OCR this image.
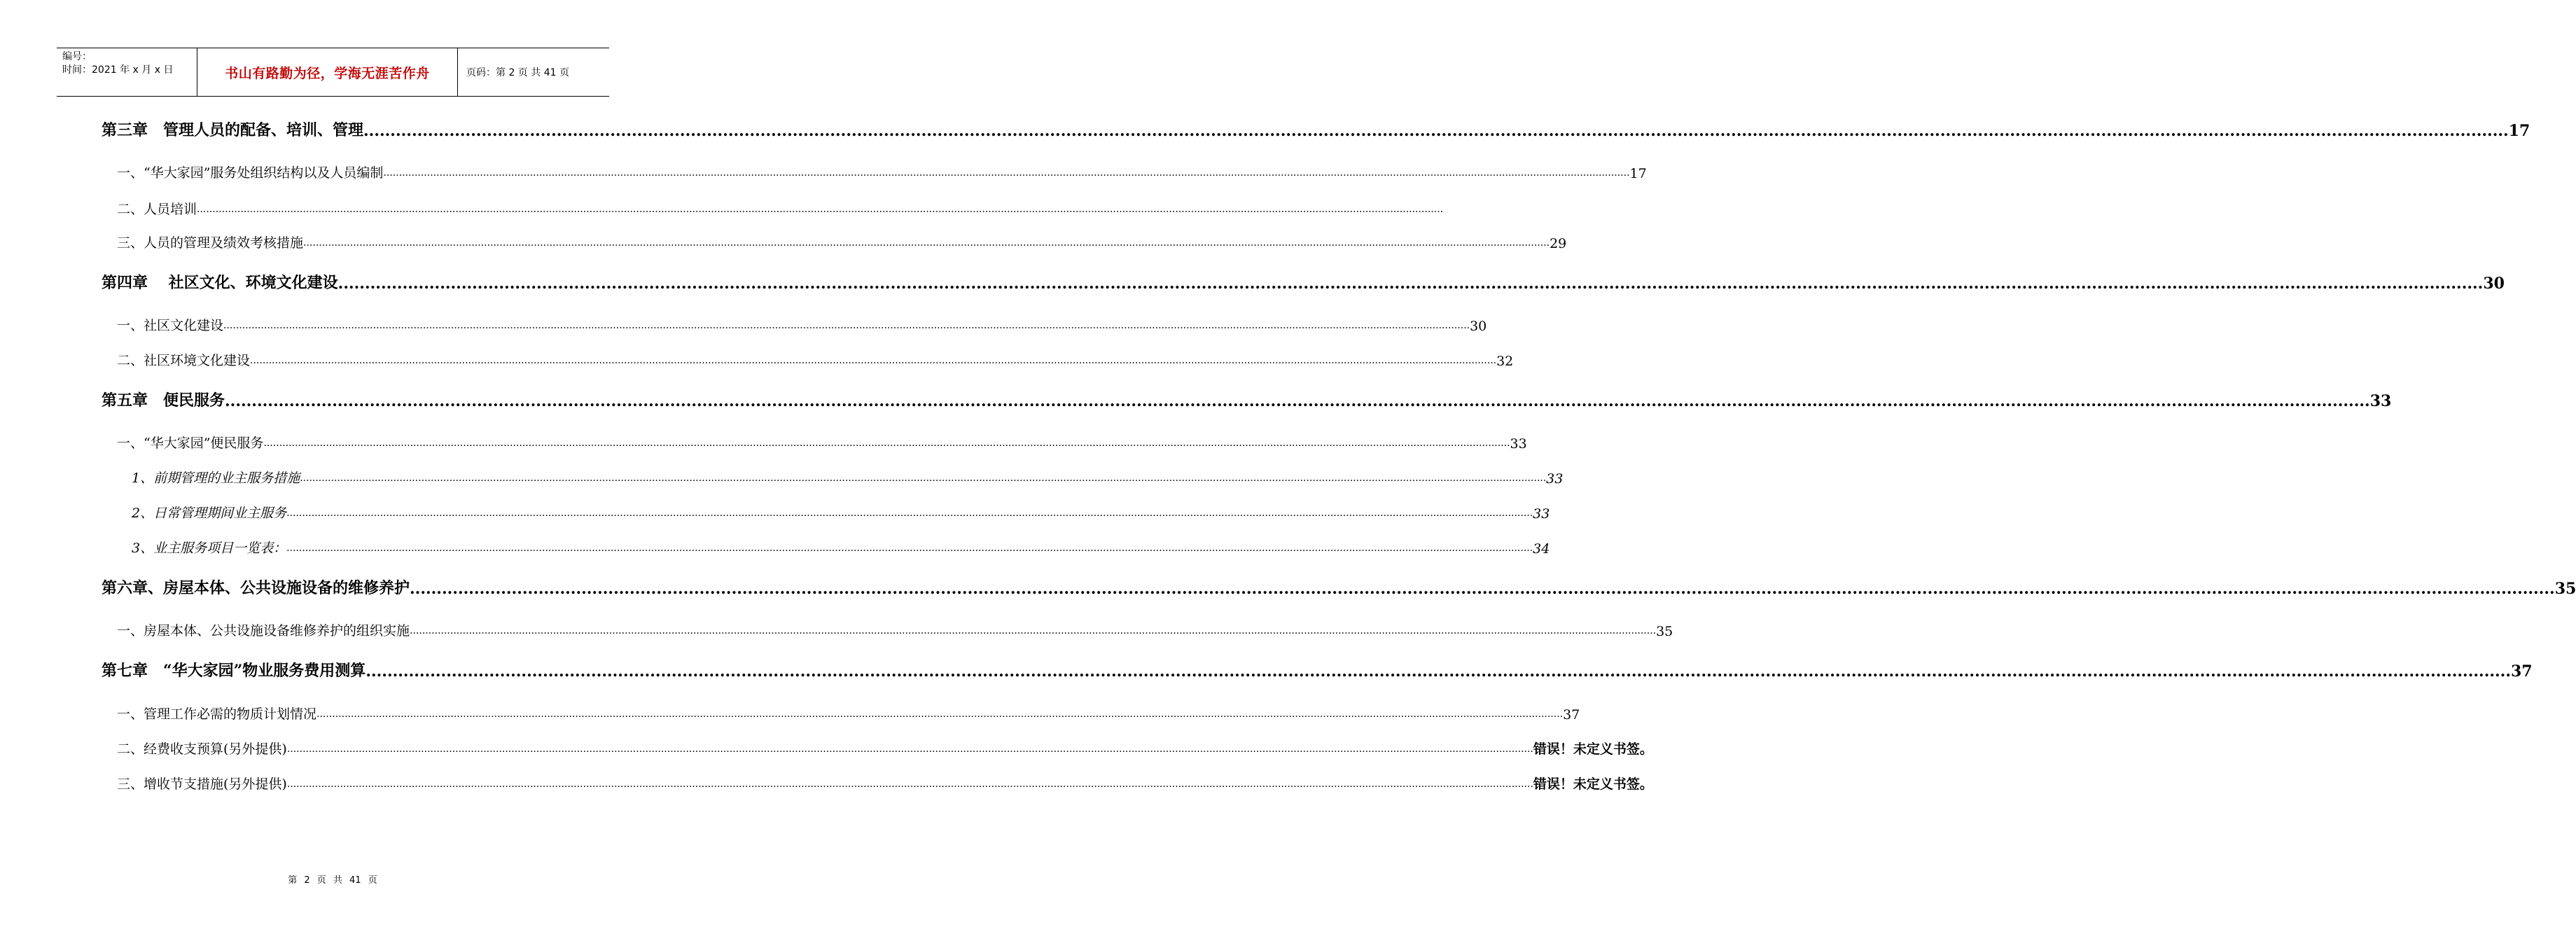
编号：
时间：2021 年 x 月 x 日	书山有路勤为径，学海无涯苦作舟	页码：第 2 页 共 41 页
第三章　管理人员的配备、培训、管理 ................................................................................................................................................................................................................................................................................................................................................................................................................ 17
一、“华大家园”服务处组织结构以及人员编制 ................................................................................................................................................................................................................................................................................................................................................................................................................ 17
二、人员培训 ................................................................................................................................................................................................................................................................................................................................................................................................................
三、人员的管理及绩效考核措施 ................................................................................................................................................................................................................................................................................................................................................................................................................ 29
第四章　 社区文化、环境文化建设 ................................................................................................................................................................................................................................................................................................................................................................................................................ 30
一、社区文化建设 ................................................................................................................................................................................................................................................................................................................................................................................................................ 30
二、社区环境文化建设 ................................................................................................................................................................................................................................................................................................................................................................................................................ 32
第五章　便民服务 ................................................................................................................................................................................................................................................................................................................................................................................................................ 33
一、“华大家园”便民服务 ................................................................................................................................................................................................................................................................................................................................................................................................................ 33
1、前期管理的业主服务措施 ................................................................................................................................................................................................................................................................................................................................................................................................................ 33
2、日常管理期间业主服务 ................................................................................................................................................................................................................................................................................................................................................................................................................ 33
3、业主服务项目一览表： ................................................................................................................................................................................................................................................................................................................................................................................................................ 34
第六章、房屋本体、公共设施设备的维修养护 ................................................................................................................................................................................................................................................................................................................................................................................................................ 35
一、房屋本体、公共设施设备维修养护的组织实施 ................................................................................................................................................................................................................................................................................................................................................................................................................ 35
第七章　“华大家园”物业服务费用测算 ................................................................................................................................................................................................................................................................................................................................................................................................................ 37
一、管理工作必需的物质计划情况 ................................................................................................................................................................................................................................................................................................................................................................................................................ 37
二、经费收支预算(另外提供) ................................................................................................................................................................................................................................................................................................................................................................................................................ 错误！未定义书签。
三、增收节支措施(另外提供) ................................................................................................................................................................................................................................................................................................................................................................................................................ 错误！未定义书签。
第 2 页 共 41 页
